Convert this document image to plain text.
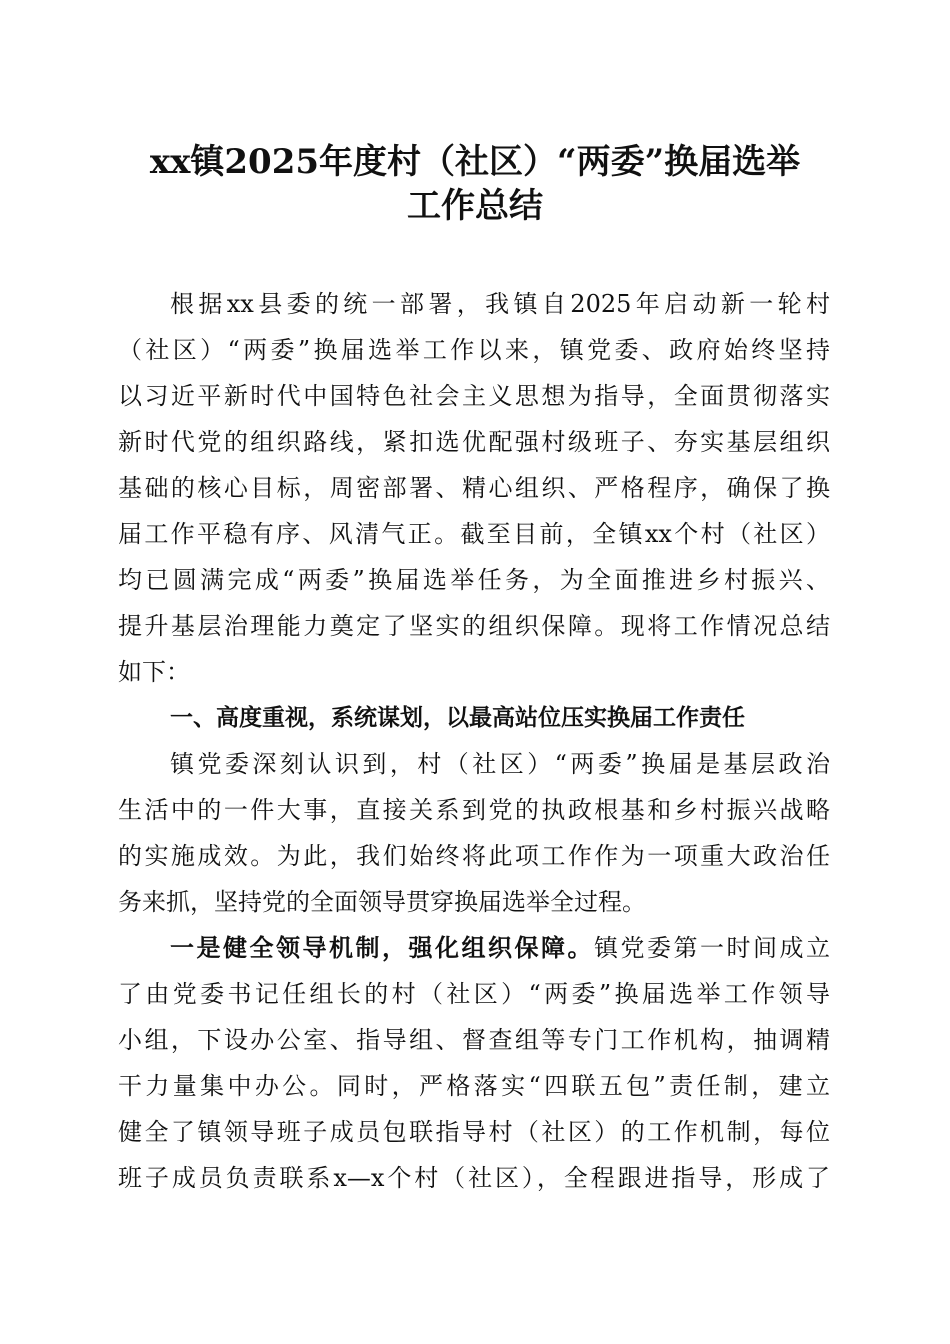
xx镇2025年度村（社区）“两委”换届选举
工作总结
根据xx县委的统一部署，我镇自2025年启动新一轮村
（社区）“两委”换届选举工作以来，镇党委、政府始终坚持
以习近平新时代中国特色社会主义思想为指导，全面贯彻落实
新时代党的组织路线，紧扣选优配强村级班子、夯实基层组织
基础的核心目标，周密部署、精心组织、严格程序，确保了换
届工作平稳有序、风清气正。截至目前，全镇xx个村（社区）
均已圆满完成“两委”换届选举任务，为全面推进乡村振兴、
提升基层治理能力奠定了坚实的组织保障。现将工作情况总结
如下：
一、高度重视，系统谋划，以最高站位压实换届工作责任
镇党委深刻认识到，村（社区）“两委”换届是基层政治
生活中的一件大事，直接关系到党的执政根基和乡村振兴战略
的实施成效。为此，我们始终将此项工作作为一项重大政治任
务来抓，坚持党的全面领导贯穿换届选举全过程。
一是健全领导机制，强化组织保障。镇党委第一时间成立
了由党委书记任组长的村（社区）“两委”换届选举工作领导
小组，下设办公室、指导组、督查组等专门工作机构，抽调精
干力量集中办公。同时，严格落实“四联五包”责任制，建立
健全了镇领导班子成员包联指导村（社区）的工作机制，每位
班子成员负责联系x—x个村（社区），全程跟进指导，形成了
